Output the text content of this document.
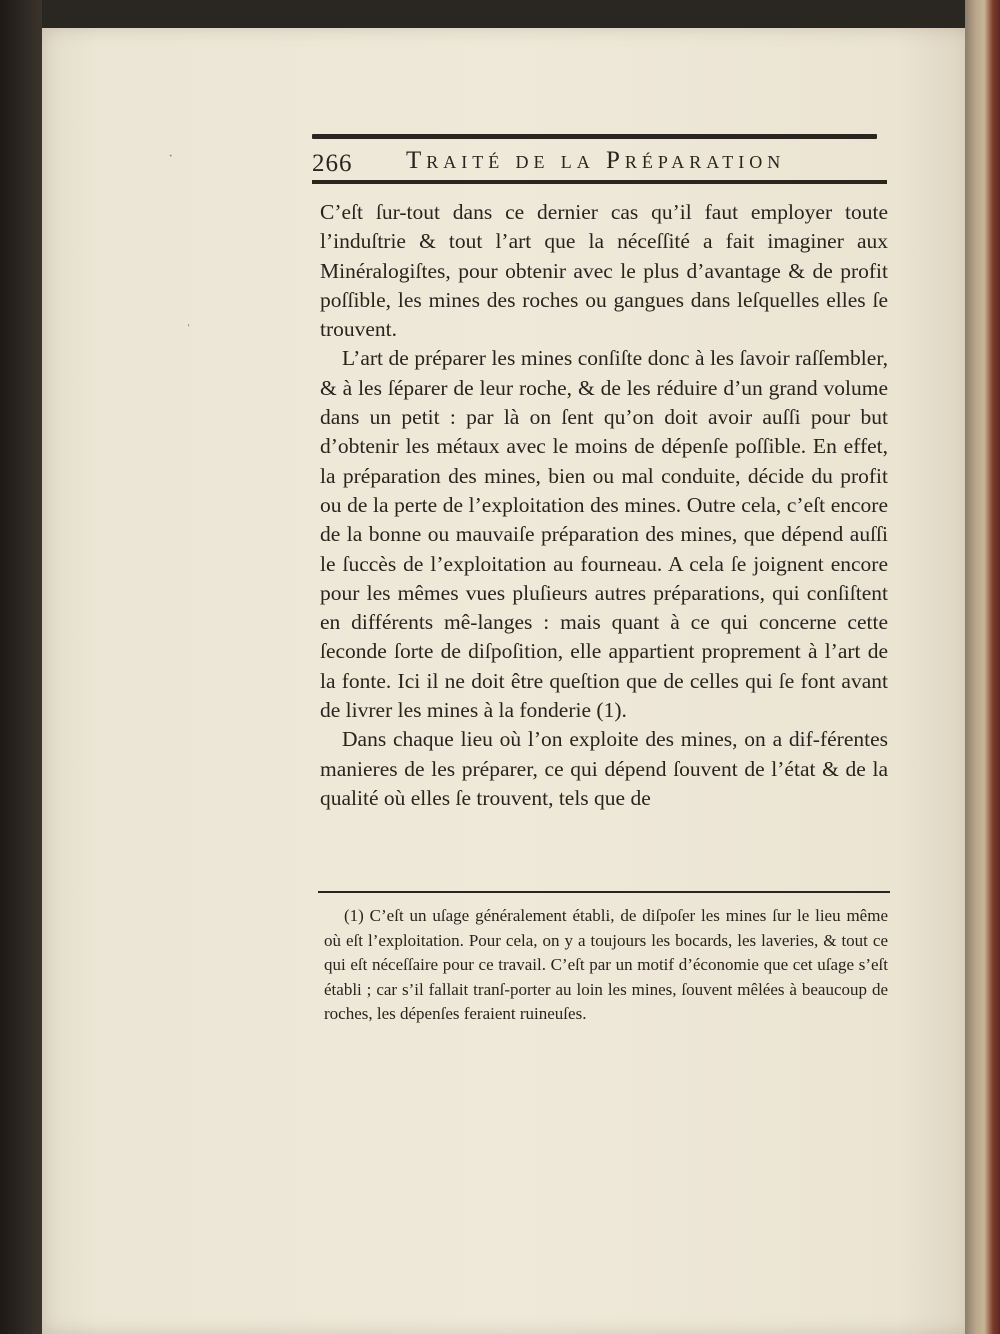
266 Traité de la Préparation

C’eſt ſur-tout dans ce dernier cas qu’il faut employer toute l’induſtrie & tout l’art que la néceſſité a fait imaginer aux Minéralogiſtes, pour obtenir avec le plus d’avantage & de profit poſſible, les mines des roches ou gangues dans leſquelles elles ſe trouvent.

L’art de préparer les mines conſiſte donc à les ſavoir raſſembler, & à les ſéparer de leur roche, & de les réduire d’un grand volume dans un petit : par là on ſent qu’on doit avoir auſſi pour but d’obtenir les métaux avec le moins de dépenſe poſſible. En effet, la préparation des mines, bien ou mal conduite, décide du profit ou de la perte de l’exploitation des mines. Outre cela, c’eſt encore de la bonne ou mauvaiſe préparation des mines, que dépend auſſi le ſuccès de l’exploitation au fourneau. A cela ſe joignent encore pour les mêmes vues pluſieurs autres préparations, qui conſiſtent en différents mê-langes : mais quant à ce qui concerne cette ſeconde ſorte de diſpoſition, elle appartient proprement à l’art de la fonte. Ici il ne doit être queſtion que de celles qui ſe font avant de livrer les mines à la fonderie (1).

Dans chaque lieu où l’on exploite des mines, on a dif-férentes manieres de les préparer, ce qui dépend ſouvent de l’état & de la qualité où elles ſe trouvent, tels que de

(1) C’eſt un uſage généralement établi, de diſpoſer les mines ſur le lieu même où eſt l’exploitation. Pour cela, on y a toujours les bocards, les laveries, & tout ce qui eſt néceſſaire pour ce travail. C’eſt par un motif d’économie que cet uſage s’eſt établi ; car s’il fallait tranſ-porter au loin les mines, ſouvent mêlées à beaucoup de roches, les dépenſes feraient ruineuſes.

·
ˌ
